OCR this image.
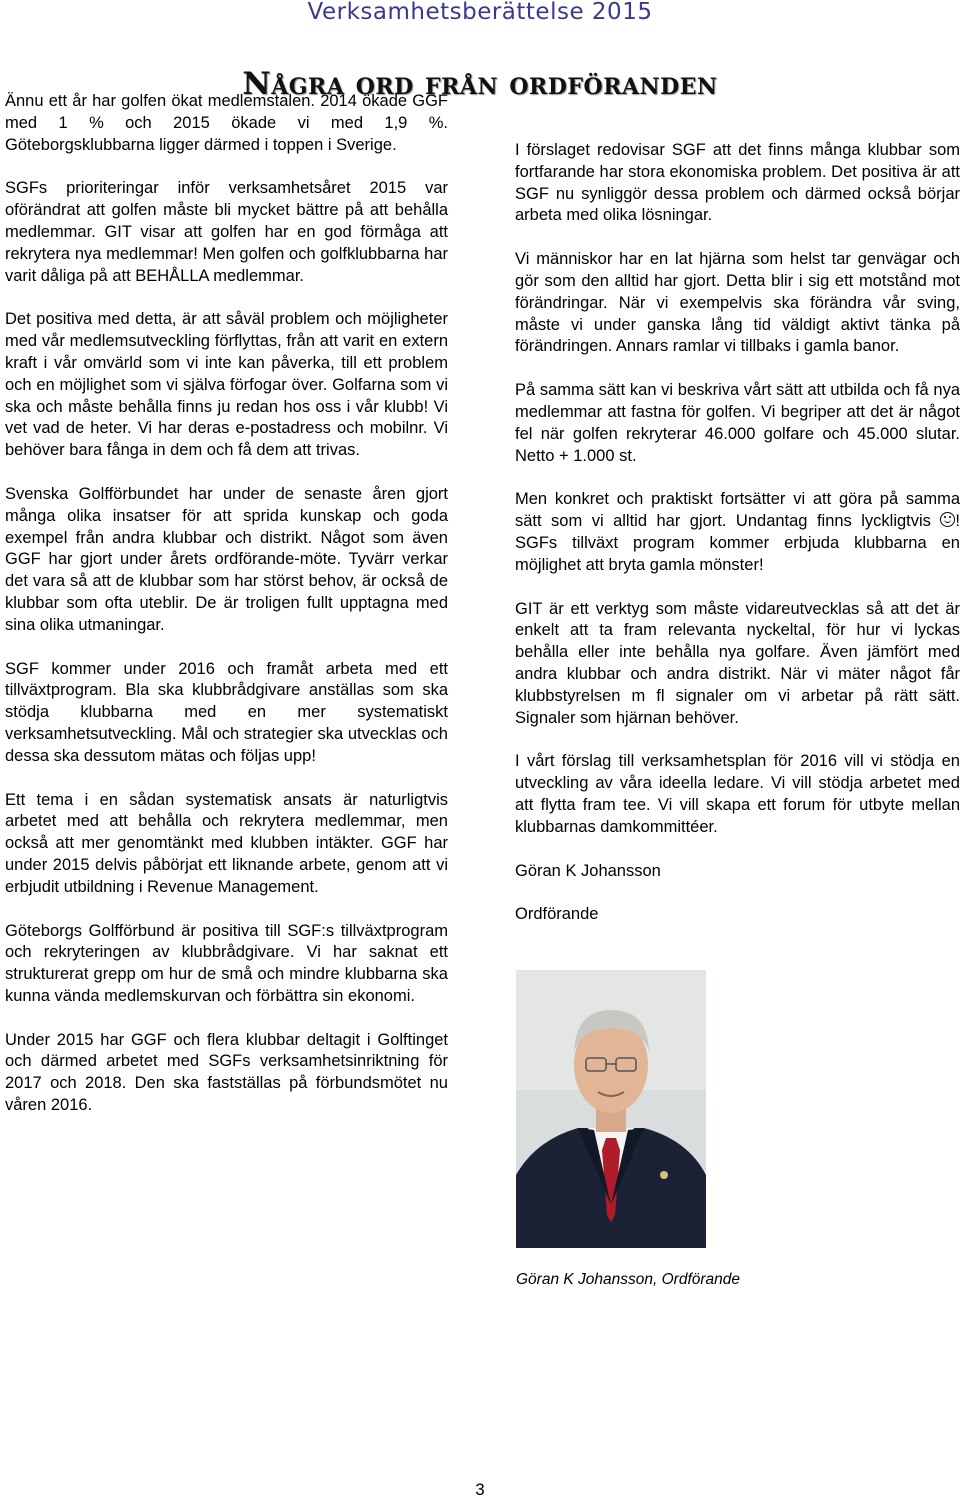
Verksamhetsberättelse 2015
Några ord från ordföranden

Ännu ett år har golfen ökat medlemstalen. 2014 ökade GGF med 1 % och 2015 ökade vi med 1,9 %. Göteborgsklubbarna ligger därmed i toppen i Sverige.

SGFs prioriteringar inför verksamhetsåret 2015 var oförändrat att golfen måste bli mycket bättre på att behålla medlemmar. GIT visar att golfen har en god förmåga att rekrytera nya medlemmar! Men golfen och golfklubbarna har varit dåliga på att BEHÅLLA medlemmar.

Det positiva med detta, är att såväl problem och möjligheter med vår medlemsutveckling förflyttas, från att varit en extern kraft i vår omvärld som vi inte kan påverka, till ett problem och en möjlighet som vi själva förfogar över. Golfarna som vi ska och måste behålla finns ju redan hos oss i vår klubb! Vi vet vad de heter. Vi har deras e-postadress och mobilnr. Vi behöver bara fånga in dem och få dem att trivas.

Svenska Golfförbundet har under de senaste åren gjort många olika insatser för att sprida kunskap och goda exempel från andra klubbar och distrikt. Något som även GGF har gjort under årets ordförande-möte. Tyvärr verkar det vara så att de klubbar som har störst behov, är också de klubbar som ofta uteblir. De är troligen fullt upptagna med sina olika utmaningar.

SGF kommer under 2016 och framåt arbeta med ett tillväxtprogram. Bla ska klubbrådgivare anställas som ska stödja klubbarna med en mer systematiskt verksamhetsutveckling. Mål och strategier ska utvecklas och dessa ska dessutom mätas och följas upp!

Ett tema i en sådan systematisk ansats är naturligtvis arbetet med att behålla och rekrytera medlemmar, men också att mer genomtänkt med klubben intäkter. GGF har under 2015 delvis påbörjat ett liknande arbete, genom att vi erbjudit utbildning i Revenue Management.

Göteborgs Golfförbund är positiva till SGF:s tillväxtprogram och rekryteringen av klubbrådgivare. Vi har saknat ett strukturerat grepp om hur de små och mindre klubbarna ska kunna vända medlemskurvan och förbättra sin ekonomi.

Under 2015 har GGF och flera klubbar deltagit i Golftinget och därmed arbetet med SGFs verksamhetsinriktning för 2017 och 2018. Den ska fastställas på förbundsmötet nu våren 2016.

I förslaget redovisar SGF att det finns många klubbar som fortfarande har stora ekonomiska problem. Det positiva är att SGF nu synliggör dessa problem och därmed också börjar arbeta med olika lösningar.

Vi människor har en lat hjärna som helst tar genvägar och gör som den alltid har gjort. Detta blir i sig ett motstånd mot förändringar. När vi exempelvis ska förändra vår sving, måste vi under ganska lång tid väldigt aktivt tänka på förändringen. Annars ramlar vi tillbaks i gamla banor.

På samma sätt kan vi beskriva vårt sätt att utbilda och få nya medlemmar att fastna för golfen. Vi begriper att det är något fel när golfen rekryterar 46.000 golfare och 45.000 slutar. Netto + 1.000 st.

Men konkret och praktiskt fortsätter vi att göra på samma sätt som vi alltid har gjort. Undantag finns lyckligtvis ! SGFs tillväxt program kommer erbjuda klubbarna en möjlighet att bryta gamla mönster!

GIT är ett verktyg som måste vidareutvecklas så att det är enkelt att ta fram relevanta nyckeltal, för hur vi lyckas behålla eller inte behålla nya golfare. Även jämfört med andra klubbar och andra distrikt. När vi mäter något får klubbstyrelsen m fl signaler om vi arbetar på rätt sätt. Signaler som hjärnan behöver.

I vårt förslag till verksamhetsplan för 2016 vill vi stödja en utveckling av våra ideella ledare. Vi vill stödja arbetet med att flytta fram tee. Vi vill skapa ett forum för utbyte mellan klubbarnas damkommittéer.

Göran K Johansson

Ordförande

Göran K Johansson, Ordförande
3
